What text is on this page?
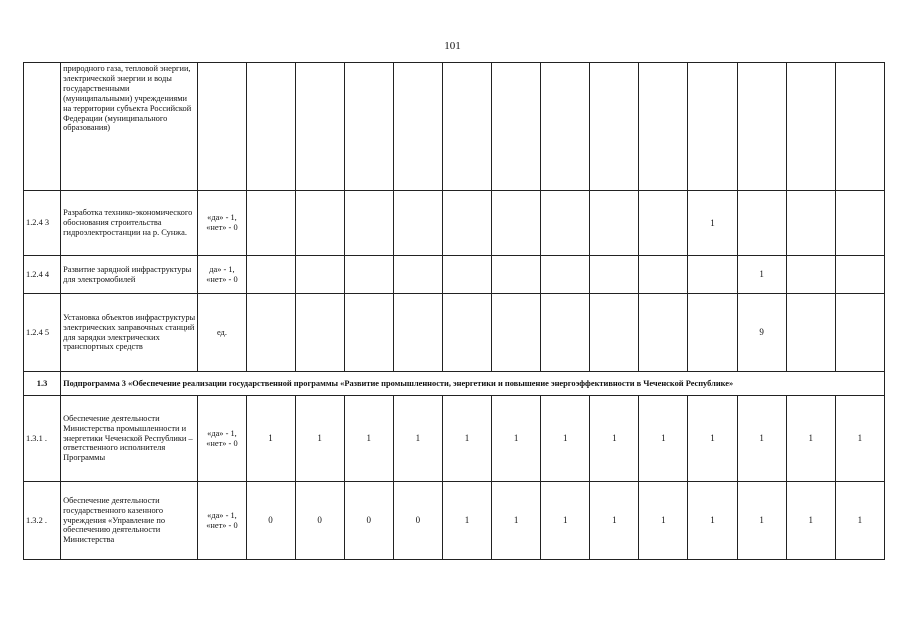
101
	природного газа, тепловой энергии, электрической энергии и воды государственными (муниципальными) учреждениями на территории субъекта Российской Федерации (муниципального образования)														
1.2.4 3	Разработка технико-экономического обоснования строительства гидроэлектростанции на р. Сунжа.	«да» - 1, «нет» - 0										1			
1.2.4 4	Развитие зарядной инфраструктуры для электромобилей	да» - 1, «нет» - 0											1		
1.2.4 5	Установка объектов инфраструктуры электрических заправочных станций для зарядки электрических транспортных средств	ед.											9		
1.3	Подпрограмма 3 «Обеспечение реализации государственной программы «Развитие промышленности, энергетики и повышение энергоэффективности в Чеченской Республике»														
1.3.1 .	Обеспечение деятельности Министерства промышленности и энергетики Чеченской Республики – ответственного исполнителя Программы	«да» - 1, «нет» - 0	1	1	1	1	1	1	1	1	1	1	1	1	1
1.3.2 .	Обеспечение деятельности государственного казенного учреждения «Управление по обеспечению деятельности Министерства	«да» - 1, «нет» - 0	0	0	0	0	1	1	1	1	1	1	1	1	1
